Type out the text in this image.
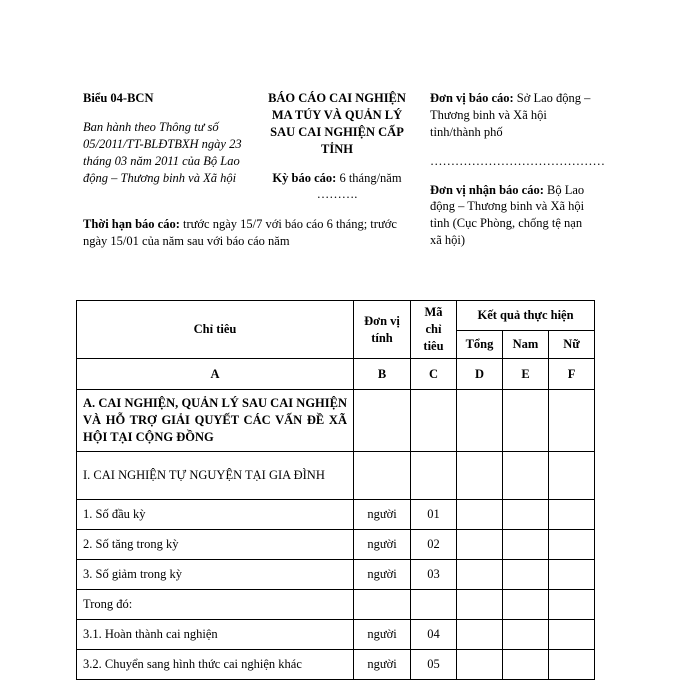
Biểu 04-BCN

Ban hành theo Thông tư số 05/2011/TT-BLĐTBXH ngày 23 tháng 03 năm 2011 của Bộ Lao động – Thương binh và Xã hội

BÁO CÁO CAI NGHIỆN MA TÚY VÀ QUẢN LÝ SAU CAI NGHIỆN CẤP TỈNH

Kỳ báo cáo: 6 tháng/năm ……….

Đơn vị báo cáo: Sở Lao động – Thương binh và Xã hội tỉnh/thành phố

……………………………………

Đơn vị nhận báo cáo: Bộ Lao động – Thương binh và Xã hội tỉnh (Cục Phòng, chống tệ nạn xã hội)

Thời hạn báo cáo: trước ngày 15/7 với báo cáo 6 tháng; trước ngày 15/01 của năm sau với báo cáo năm
Chỉ tiêu	Đơn vị tính	Mã chỉ tiêu	Kết quả thực hiện		
			Tổng	Nam	Nữ
A	B	C	D	E	F
A. CAI NGHIỆN, QUẢN LÝ SAU CAI NGHIỆN VÀ HỖ TRỢ GIẢI QUYẾT CÁC VẤN ĐỀ XÃ HỘI TẠI CỘNG ĐỒNG					
I. CAI NGHIỆN TỰ NGUYỆN TẠI GIA ĐÌNH					
1. Số đầu kỳ	người	01			
2. Số tăng trong kỳ	người	02			
3. Số giảm trong kỳ	người	03			
Trong đó:					
3.1. Hoàn thành cai nghiện	người	04			
3.2. Chuyển sang hình thức cai nghiện khác	người	05			
